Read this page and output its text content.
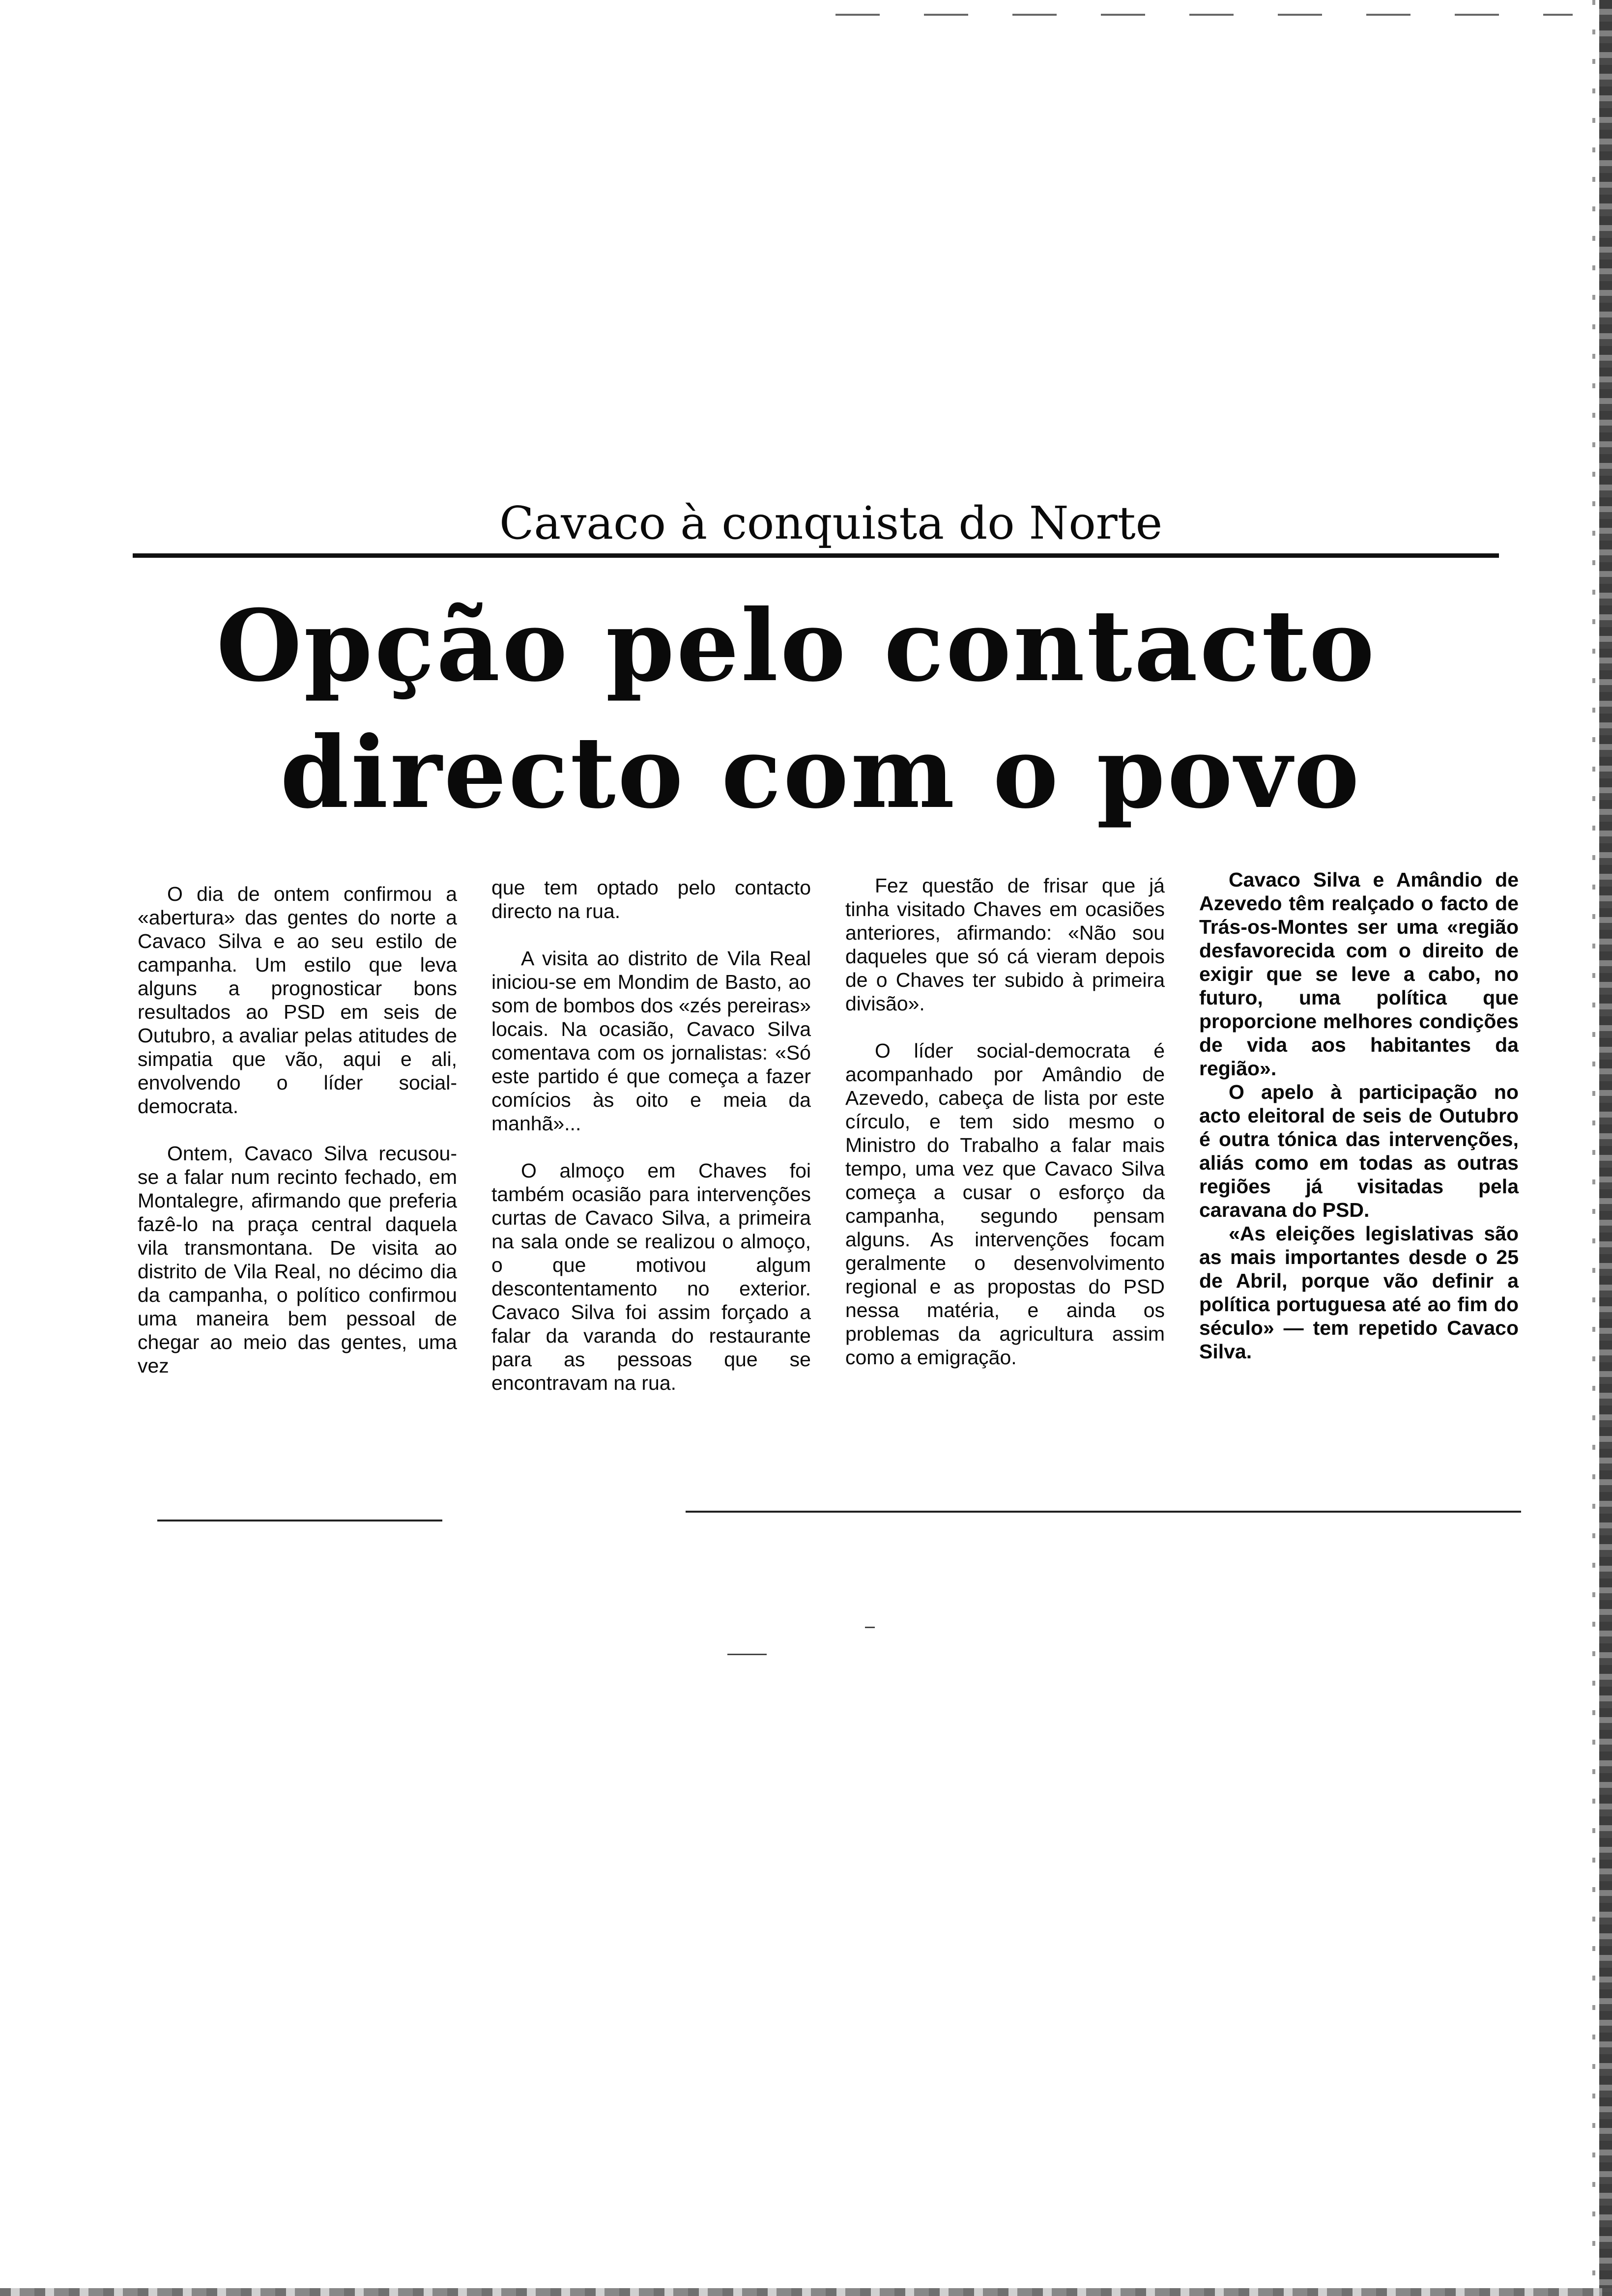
Cavaco à conquista do Norte
Opção pelo contacto
directo com o povo

O dia de ontem confirmou a «abertura» das gentes do norte a Cavaco Silva e ao seu estilo de campanha. Um estilo que leva alguns a prognosticar bons resultados ao PSD em seis de Outubro, a avaliar pelas atitudes de simpatia que vão, aqui e ali, envolvendo o líder social-democrata.

Ontem, Cavaco Silva recusou-se a falar num recinto fechado, em Montalegre, afirmando que preferia fazê-lo na praça central daquela vila transmontana. De visita ao distrito de Vila Real, no décimo dia da campanha, o político confirmou uma maneira bem pessoal de chegar ao meio das gentes, uma vez

que tem optado pelo contacto directo na rua.

A visita ao distrito de Vila Real iniciou-se em Mondim de Basto, ao som de bombos dos «zés pereiras» locais. Na ocasião, Cavaco Silva comentava com os jornalistas: «Só este partido é que começa a fazer comícios às oito e meia da manhã»...

O almoço em Chaves foi também ocasião para intervenções curtas de Cavaco Silva, a primeira na sala onde se realizou o almoço, o que motivou algum descontentamento no exterior. Cavaco Silva foi assim forçado a falar da varanda do restaurante para as pessoas que se encontravam na rua.

Fez questão de frisar que já tinha visitado Chaves em ocasiões anteriores, afirmando: «Não sou daqueles que só cá vieram depois de o Chaves ter subido à primeira divisão».

O líder social-democrata é acompanhado por Amândio de Azevedo, cabeça de lista por este círculo, e tem sido mesmo o Ministro do Trabalho a falar mais tempo, uma vez que Cavaco Silva começa a cusar o esforço da campanha, segundo pensam alguns. As intervenções focam geralmente o desenvolvimento regional e as propostas do PSD nessa matéria, e ainda os problemas da agricultura assim como a emigração.

Cavaco Silva e Amândio de Azevedo têm realçado o facto de Trás-os-Montes ser uma «região desfavorecida com o direito de exigir que se leve a cabo, no futuro, uma política que proporcione melhores condições de vida aos habitantes da região».

O apelo à participação no acto eleitoral de seis de Outubro é outra tónica das intervenções, aliás como em todas as outras regiões já visitadas pela caravana do PSD.

«As eleições legislativas são as mais importantes desde o 25 de Abril, porque vão definir a política portuguesa até ao fim do século» — tem repetido Cavaco Silva.
